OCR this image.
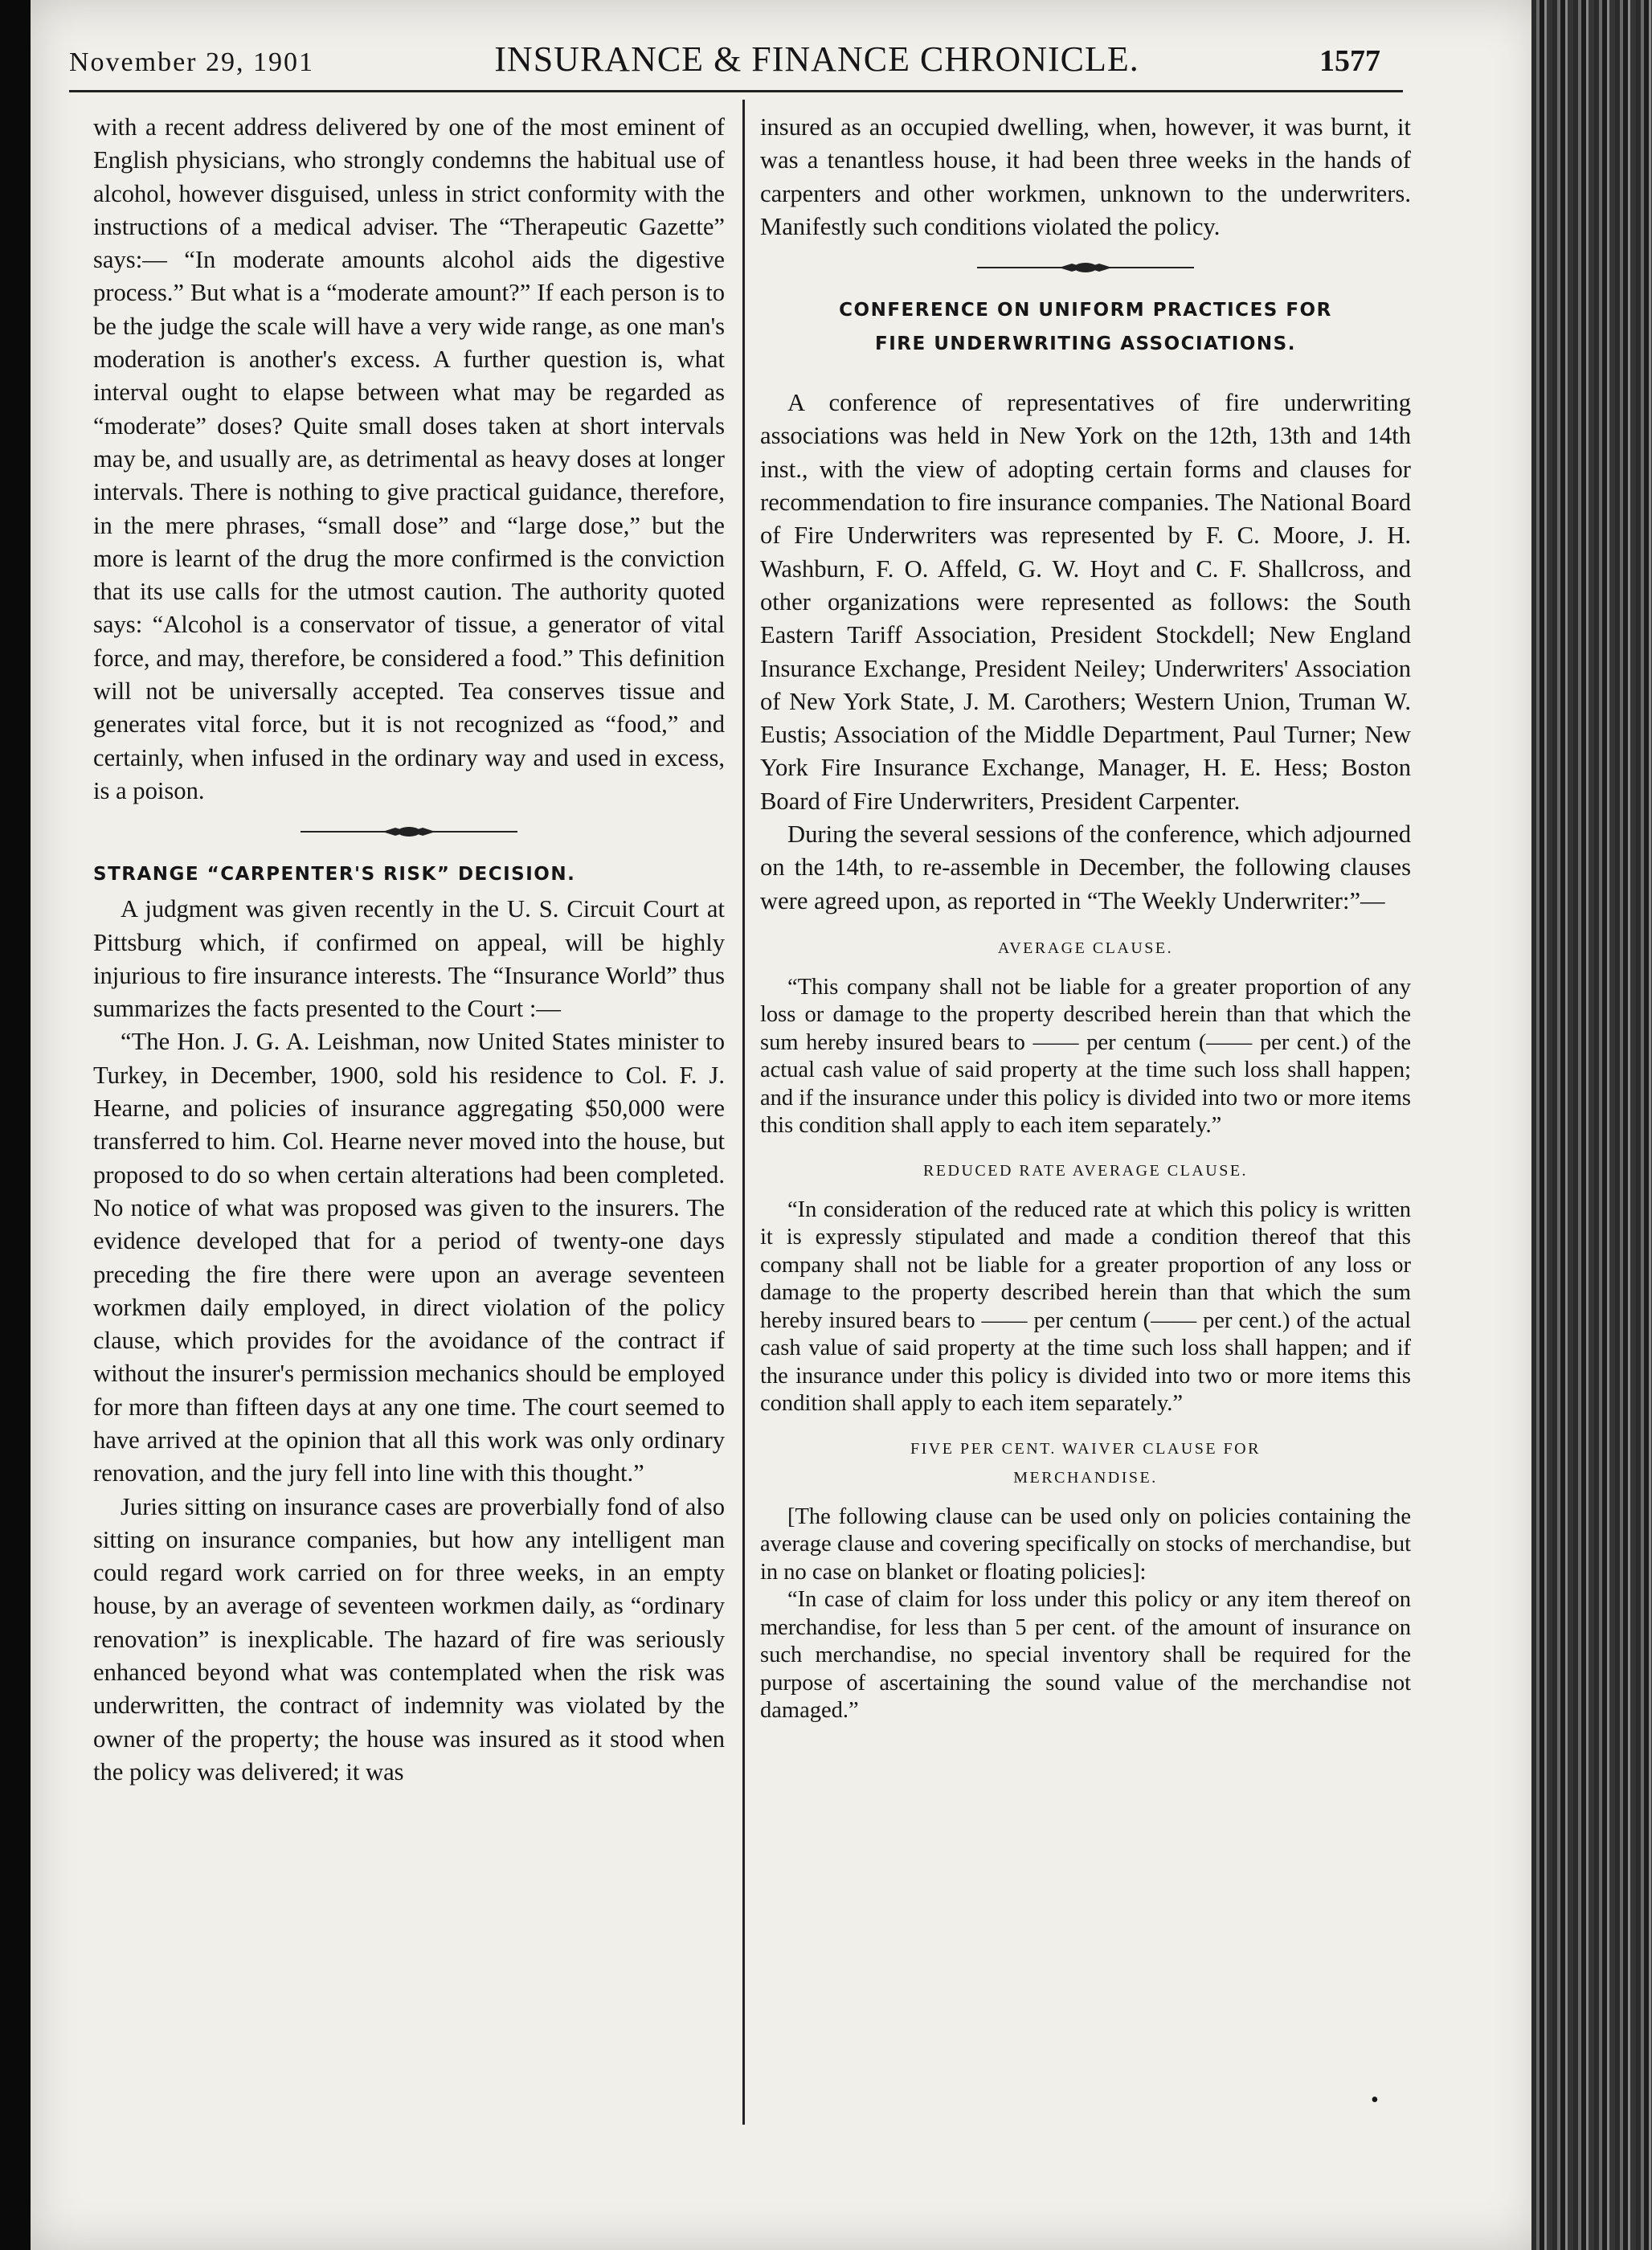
November 29, 1901	INSURANCE & FINANCE CHRONICLE.	1577

with a recent address delivered by one of the most eminent of English physicians, who strongly condemns the habitual use of alcohol, however disguised, unless in strict conformity with the instructions of a medical adviser. The “Therapeutic Gazette” says:— “In moderate amounts alcohol aids the digestive process.” But what is a “moderate amount?” If each person is to be the judge the scale will have a very wide range, as one man's moderation is another's excess. A further question is, what interval ought to elapse between what may be regarded as “moderate” doses? Quite small doses taken at short intervals may be, and usually are, as detrimental as heavy doses at longer intervals. There is nothing to give practical guidance, therefore, in the mere phrases, “small dose” and “large dose,” but the more is learnt of the drug the more confirmed is the conviction that its use calls for the utmost caution. The authority quoted says: “Alcohol is a conservator of tissue, a generator of vital force, and may, therefore, be considered a food.” This definition will not be universally accepted. Tea conserves tissue and generates vital force, but it is not recognized as “food,” and certainly, when infused in the ordinary way and used in excess, is a poison.

STRANGE “CARPENTER'S RISK” DECISION.

A judgment was given recently in the U. S. Circuit Court at Pittsburg which, if confirmed on appeal, will be highly injurious to fire insurance interests. The “Insurance World” thus summarizes the facts presented to the Court :—

“The Hon. J. G. A. Leishman, now United States minister to Turkey, in December, 1900, sold his residence to Col. F. J. Hearne, and policies of insurance aggregating $50,000 were transferred to him. Col. Hearne never moved into the house, but proposed to do so when certain alterations had been completed. No notice of what was proposed was given to the insurers. The evidence developed that for a period of twenty-one days preceding the fire there were upon an average seventeen workmen daily employed, in direct violation of the policy clause, which provides for the avoidance of the contract if without the insurer's permission mechanics should be employed for more than fifteen days at any one time. The court seemed to have arrived at the opinion that all this work was only ordinary renovation, and the jury fell into line with this thought.”

Juries sitting on insurance cases are proverbially fond of also sitting on insurance companies, but how any intelligent man could regard work carried on for three weeks, in an empty house, by an average of seventeen workmen daily, as “ordinary renovation” is inexplicable. The hazard of fire was seriously enhanced beyond what was contemplated when the risk was underwritten, the contract of indemnity was violated by the owner of the property; the house was insured as it stood when the policy was delivered; it was

insured as an occupied dwelling, when, however, it was burnt, it was a tenantless house, it had been three weeks in the hands of carpenters and other workmen, unknown to the underwriters. Manifestly such conditions violated the policy.

CONFERENCE ON UNIFORM PRACTICES FOR
FIRE UNDERWRITING ASSOCIATIONS.

A conference of representatives of fire underwriting associations was held in New York on the 12th, 13th and 14th inst., with the view of adopting certain forms and clauses for recommendation to fire insurance companies. The National Board of Fire Underwriters was represented by F. C. Moore, J. H. Washburn, F. O. Affeld, G. W. Hoyt and C. F. Shallcross, and other organizations were represented as follows: the South Eastern Tariff Association, President Stockdell; New England Insurance Exchange, President Neiley; Underwriters' Association of New York State, J. M. Carothers; Western Union, Truman W. Eustis; Association of the Middle Department, Paul Turner; New York Fire Insurance Exchange, Manager, H. E. Hess; Boston Board of Fire Underwriters, President Carpenter.

During the several sessions of the conference, which adjourned on the 14th, to re-assemble in December, the following clauses were agreed upon, as reported in “The Weekly Underwriter:”—

AVERAGE CLAUSE.

“This company shall not be liable for a greater proportion of any loss or damage to the property described herein than that which the sum hereby insured bears to —— per centum (—— per cent.) of the actual cash value of said property at the time such loss shall happen; and if the insurance under this policy is divided into two or more items this condition shall apply to each item separately.”

REDUCED RATE AVERAGE CLAUSE.

“In consideration of the reduced rate at which this policy is written it is expressly stipulated and made a condition thereof that this company shall not be liable for a greater proportion of any loss or damage to the property described herein than that which the sum hereby insured bears to —— per centum (—— per cent.) of the actual cash value of said property at the time such loss shall happen; and if the insurance under this policy is divided into two or more items this condition shall apply to each item separately.”

FIVE PER CENT. WAIVER CLAUSE FOR
MERCHANDISE.

[The following clause can be used only on policies containing the average clause and covering specifically on stocks of merchandise, but in no case on blanket or floating policies]:

“In case of claim for loss under this policy or any item thereof on merchandise, for less than 5 per cent. of the amount of insurance on such merchandise, no special inventory shall be required for the purpose of ascertaining the sound value of the merchandise not damaged.”

•
